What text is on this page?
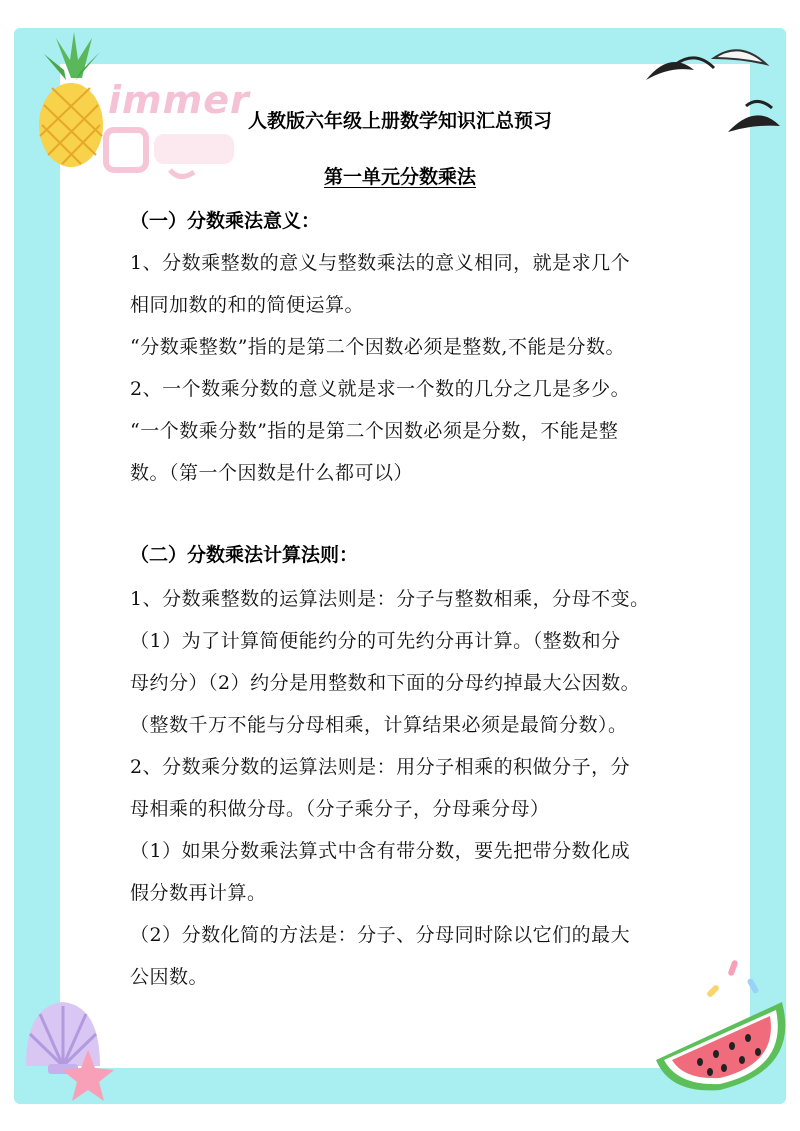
immer
人教版六年级上册数学知识汇总预习
第一单元分数乘法
（一）分数乘法意义：
1、分数乘整数的意义与整数乘法的意义相同，就是求几个
相同加数的和的简便运算。
“分数乘整数”指的是第二个因数必须是整数,不能是分数。
2、一个数乘分数的意义就是求一个数的几分之几是多少。
“一个数乘分数”指的是第二个因数必须是分数，不能是整
数。（第一个因数是什么都可以）
（二）分数乘法计算法则：
1、分数乘整数的运算法则是：分子与整数相乘，分母不变。
（1）为了计算简便能约分的可先约分再计算。（整数和分
母约分）（2）约分是用整数和下面的分母约掉最大公因数。
（整数千万不能与分母相乘，计算结果必须是最简分数）。
2、分数乘分数的运算法则是：用分子相乘的积做分子，分
母相乘的积做分母。（分子乘分子，分母乘分母）
（1）如果分数乘法算式中含有带分数，要先把带分数化成
假分数再计算。
（2）分数化简的方法是：分子、分母同时除以它们的最大
公因数。
